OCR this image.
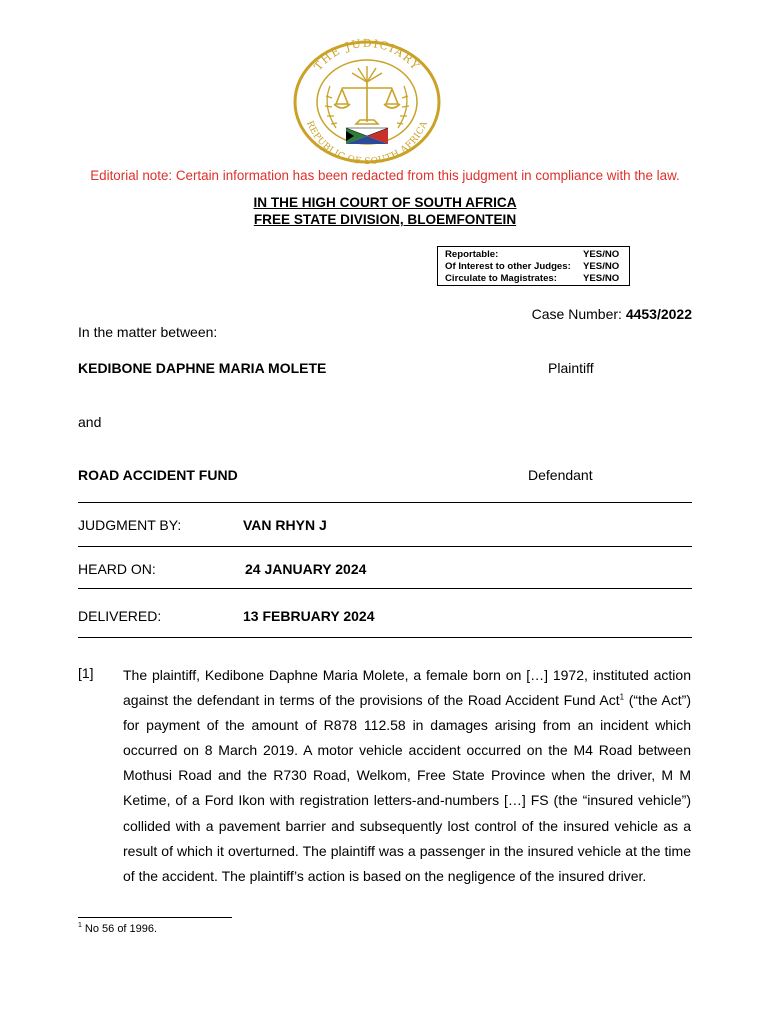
THE JUDICIARY
REPUBLIC OF SOUTH AFRICA
Editorial note: Certain information has been redacted from this judgment in compliance with the law.
IN THE HIGH COURT OF SOUTH AFRICA
FREE STATE DIVISION, BLOEMFONTEIN
Reportable:	YES/NO
Of Interest to other Judges: YES/NO
Circulate to Magistrates:	YES/NO
Case Number: 4453/2022
In the matter between:
KEDIBONE DAPHNE MARIA MOLETE	Plaintiff
and
ROAD ACCIDENT FUND	Defendant
JUDGMENT BY:	VAN RHYN J
HEARD ON:	24 JANUARY 2024
DELIVERED:	13 FEBRUARY 2024
[1] The plaintiff, Kedibone Daphne Maria Molete, a female born on […] 1972, instituted action against the defendant in terms of the provisions of the Road Accident Fund Act$^1$ (“the Act”) for payment of the amount of R878 112.58 in damages arising from an incident which occurred on 8 March 2019. A motor vehicle accident occurred on the M4 Road between Mothusi Road and the R730 Road, Welkom, Free State Province when the driver, M M Ketime, of a Ford Ikon with registration letters-and-numbers […] FS (the “insured vehicle”) collided with a pavement barrier and subsequently lost control of the insured vehicle as a result of which it overturned. The plaintiff was a passenger in the insured vehicle at the time of the accident. The plaintiff’s action is based on the negligence of the insured driver.
$^1$ No 56 of 1996.
